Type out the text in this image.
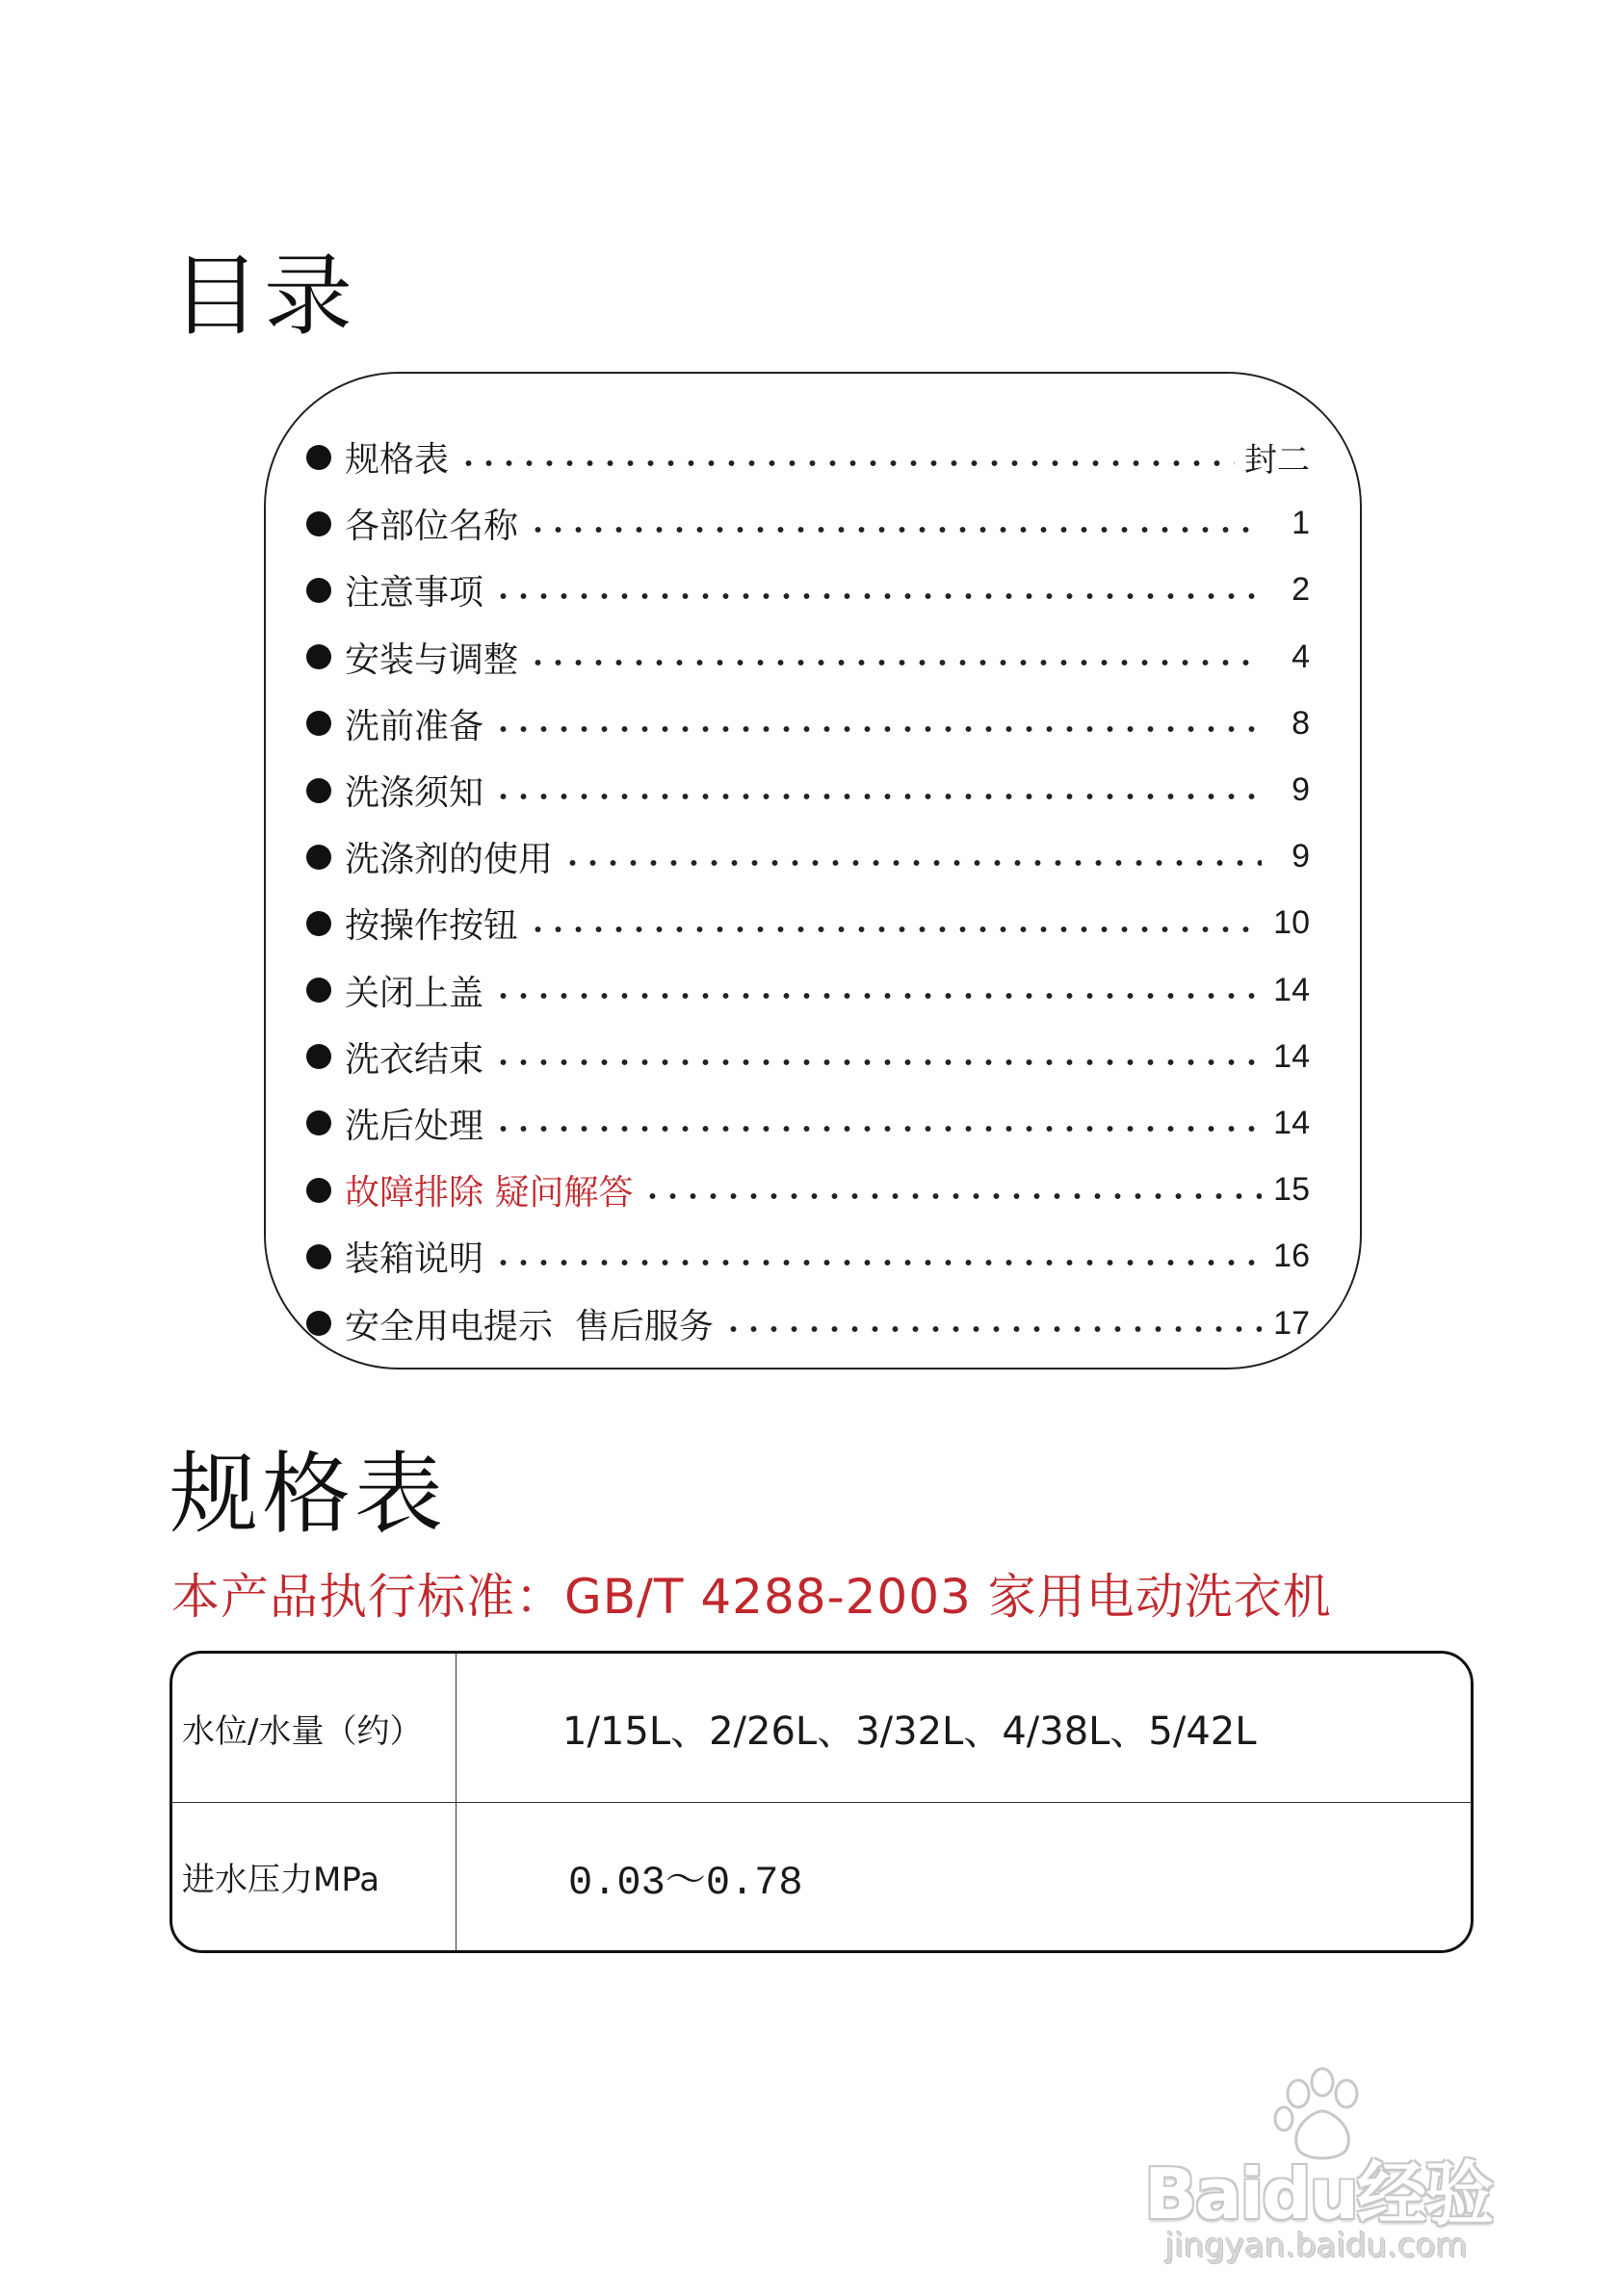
目录
规格表	封二
各部位名称	1
注意事项	2
安装与调整	4
洗前准备	8
洗涤须知	9
洗涤剂的使用	9
按操作按钮	10
关闭上盖	14
洗衣结束	14
洗后处理	14
故障排除 疑问解答	15
装箱说明	16
安全用电提示  售后服务	17
规格表

本产品执行标准：GB/T 4288-2003 家用电动洗衣机

水位/水量（约）	1/15L、2/26L、3/32L、4/38L、5/42L
进水压力MPa	0.03～0.78
Baidu经验
jingyan.baidu.com
